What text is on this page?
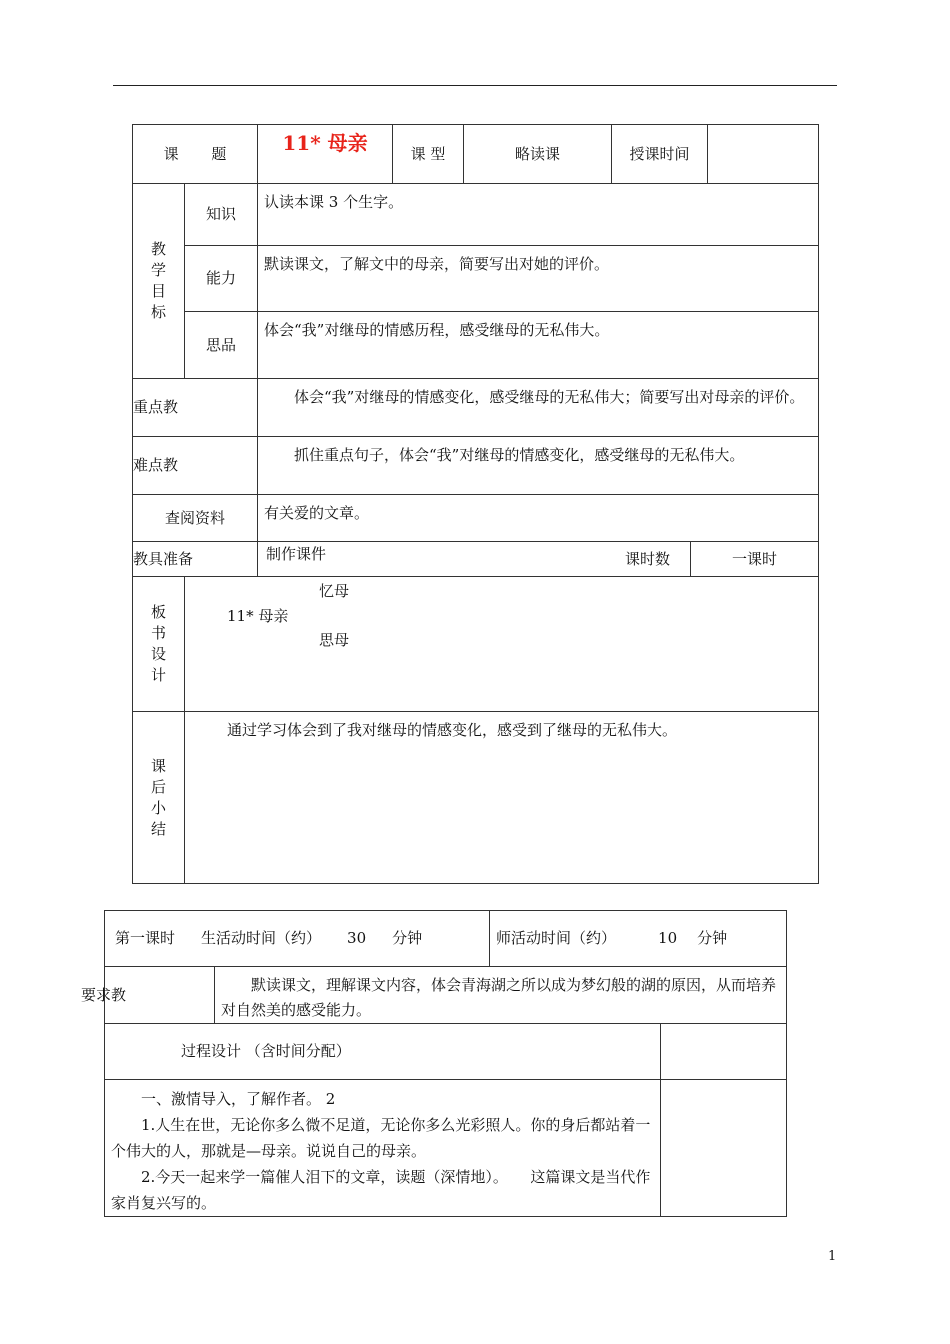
课 题		11* 母亲	课 型	略读课	授课时间		

教学目标	知识	认读本课 3 个生字。					
	能力	默读课文，了解文中的母亲，简要写出对她的评价。					
	思品	体会“我”对继母的情感历程，感受继母的无私伟大。					
重点教		体会“我”对继母的情感变化，感受继母的无私伟大；简要写出对母亲的评价。					
难点教		抓住重点句子，体会“我”对继母的情感变化，感受继母的无私伟大。					
查阅资料		有关爱的文章。					
教具准备		制作课件 课时数				一课时	

板书设计	忆母
11* 母亲
思母						

课后小结	通过学习体会到了我对继母的情感变化，感受到了继母的无私伟大。						
第一课时 生活动时间（约） 30 分钟		师活动时间（约） 10 分钟	
要求教	默读课文，理解课文内容，体会青海湖之所以成为梦幻般的湖的原因，从而培养对自然美的感受能力。		
过程设计 （含时间分配）			

一、激情导入，了解作者。 2
1.人生在世，无论你多么微不足道，无论你多么光彩照人。你的身后都站着一个伟大的人，那就是—母亲。说说自己的母亲。
2.今天一起来学一篇催人泪下的文章，读题（深情地）。　　这篇课文是当代作家肖复兴写的。			

1
